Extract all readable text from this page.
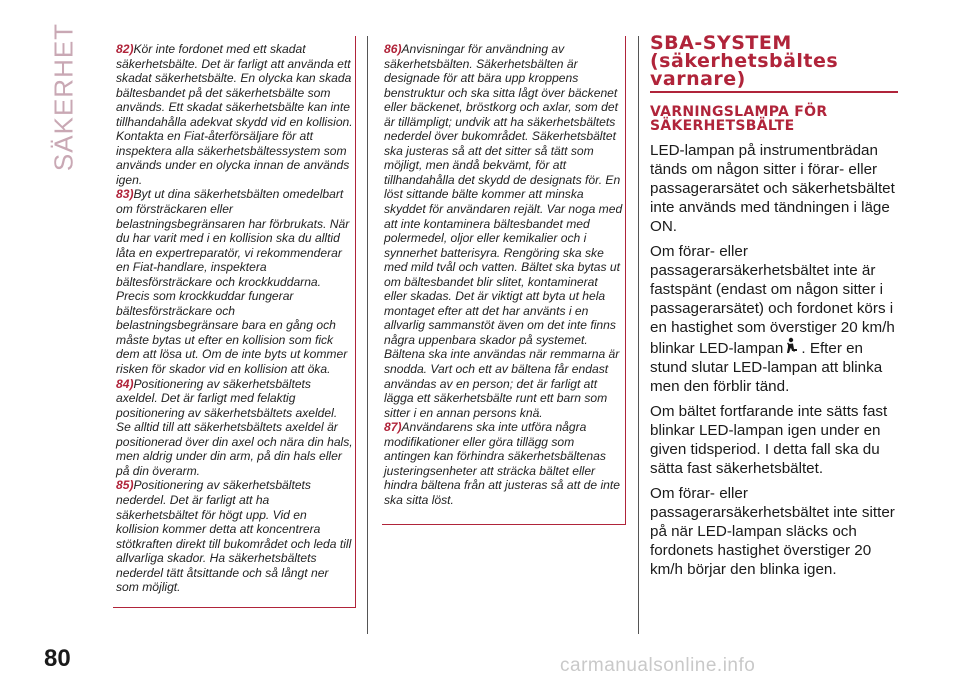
SÄKERHET	82)Kör inte fordonet med ett skadat säkerhetsbälte. Det är farligt att använda ett skadat säkerhetsbälte. En olycka kan skada bältesbandet på det säkerhetsbälte som används. Ett skadat säkerhetsbälte kan inte tillhandahålla adekvat skydd vid en kollision. Kontakta en Fiat-återförsäljare för att inspektera alla säkerhetsbältessystem som används under en olycka innan de används igen.
83)Byt ut dina säkerhetsbälten omedelbart om försträckaren eller belastningsbegränsaren har förbrukats. När du har varit med i en kollision ska du alltid låta en expertreparatör, vi rekommenderar en Fiat-handlare, inspektera bältesförsträckare och krockkuddarna. Precis som krockkuddar fungerar bältesförsträckare och belastningsbegränsare bara en gång och måste bytas ut efter en kollision som fick dem att lösa ut. Om de inte byts ut kommer risken för skador vid en kollision att öka.
84)Positionering av säkerhetsbältets axeldel. Det är farligt med felaktig positionering av säkerhetsbältets axeldel. Se alltid till att säkerhetsbältets axeldel är positionerad över din axel och nära din hals, men aldrig under din arm, på din hals eller på din överarm.
85)Positionering av säkerhetsbältets nederdel. Det är farligt att ha säkerhetsbältet för högt upp. Vid en kollision kommer detta att koncentrera stötkraften direkt till bukområdet och leda till allvarliga skador. Ha säkerhetsbältets nederdel tätt åtsittande och så långt ner som möjligt.
86)Anvisningar för användning av säkerhetsbälten. Säkerhetsbälten är designade för att bära upp kroppens benstruktur och ska sitta lågt över bäckenet eller bäckenet, bröstkorg och axlar, som det är tillämpligt; undvik att ha säkerhetsbältets nederdel över bukområdet. Säkerhetsbältet ska justeras så att det sitter så tätt som möjligt, men ändå bekvämt, för att tillhandahålla det skydd de designats för. En löst sittande bälte kommer att minska skyddet för användaren rejält. Var noga med att inte kontaminera bältesbandet med polermedel, oljor eller kemikalier och i synnerhet batterisyra. Rengöring ska ske med mild tvål och vatten. Bältet ska bytas ut om bältesbandet blir slitet, kontaminerat eller skadas. Det är viktigt att byta ut hela montaget efter att det har använts i en allvarlig sammanstöt även om det inte finns några uppenbara skador på systemet. Bältena ska inte användas när remmarna är snodda. Vart och ett av bältena får endast användas av en person; det är farligt att lägga ett säkerhetsbälte runt ett barn som sitter i en annan persons knä.
87)Användarens ska inte utföra några modifikationer eller göra tillägg som antingen kan förhindra säkerhetsbältenas justeringsenheter att sträcka bältet eller hindra bältena från att justeras så att de inte ska sitta löst.
SBA-SYSTEM
(säkerhetsbältes
varnare)
VARNINGSLAMPA FÖR
SÄKERHETSBÄLTE

LED-lampan på instrumentbrädan tänds om någon sitter i förar- eller passagerarsätet och säkerhetsbältet inte används med tändningen i läge ON.

Om förar- eller passagerarsäkerhetsbältet inte är fastspänt (endast om någon sitter i passagerarsätet) och fordonet körs i en hastighet som överstiger 20 km/h blinkar LED-lampan . Efter en stund slutar LED-lampan att blinka men den förblir tänd.

Om bältet fortfarande inte sätts fast blinkar LED-lampan igen under en given tidsperiod. I detta fall ska du sätta fast säkerhetsbältet.

Om förar- eller passagerarsäkerhetsbältet inte sitter på när LED-lampan släcks och fordonets hastighet överstiger 20 km/h börjar den blinka igen.

80	carmanualsonline.info
